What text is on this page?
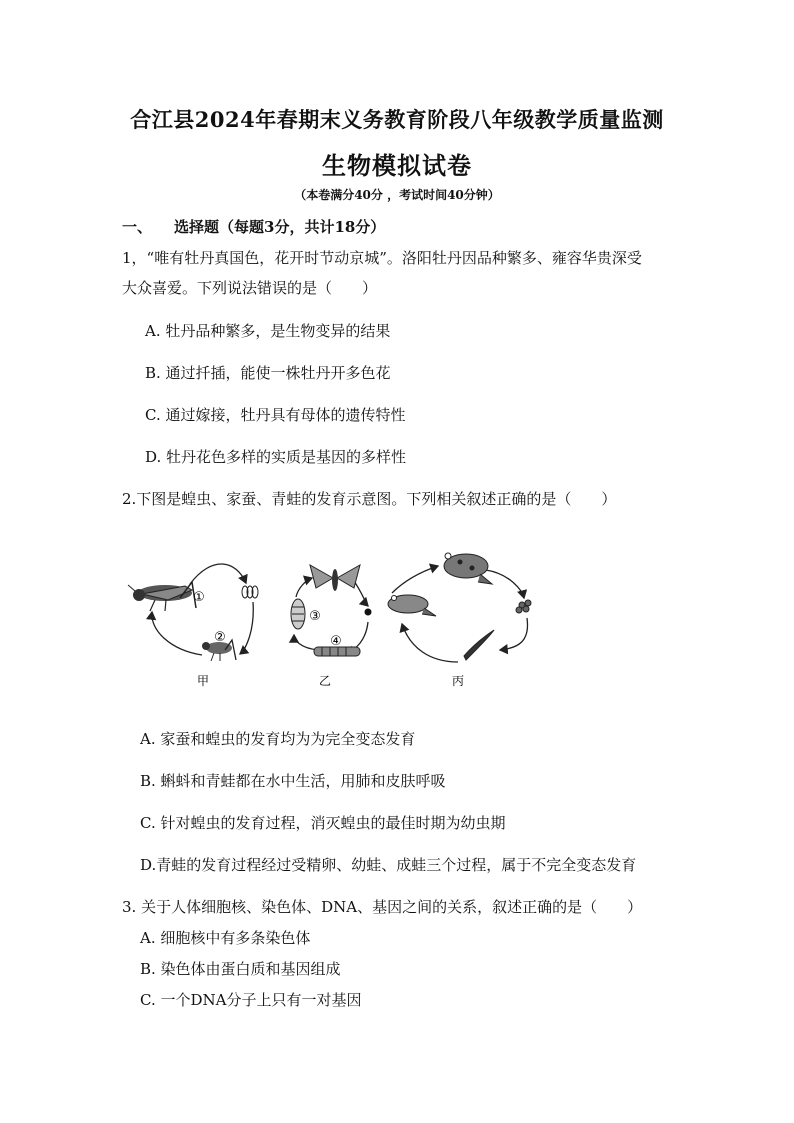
合江县2024年春期末义务教育阶段八年级教学质量监测
生物模拟试卷
（本卷满分40分 ，考试时间40分钟）
一、 选择题（每题3分，共计18分）
1，“唯有牡丹真国色，花开时节动京城”。洛阳牡丹因品种繁多、雍容华贵深受
大众喜爱。下列说法错误的是（　　）
A. 牡丹品种繁多，是生物变异的结果
B. 通过扦插，能使一株牡丹开多色花
C. 通过嫁接，牡丹具有母体的遗传特性
D. 牡丹花色多样的实质是基因的多样性
2.下图是蝗虫、家蚕、青蛙的发育示意图。下列相关叙述正确的是（　　）
①
②
甲
③
④
乙	丙
A. 家蚕和蝗虫的发育均为为完全变态发育
B. 蝌蚪和青蛙都在水中生活，用肺和皮肤呼吸
C. 针对蝗虫的发育过程，消灭蝗虫的最佳时期为幼虫期
D.青蛙的发育过程经过受精卵、幼蛙、成蛙三个过程，属于不完全变态发育
3. 关于人体细胞核、染色体、DNA、基因之间的关系，叙述正确的是（　　）
A. 细胞核中有多条染色体
B. 染色体由蛋白质和基因组成
C. 一个DNA分子上只有一对基因
